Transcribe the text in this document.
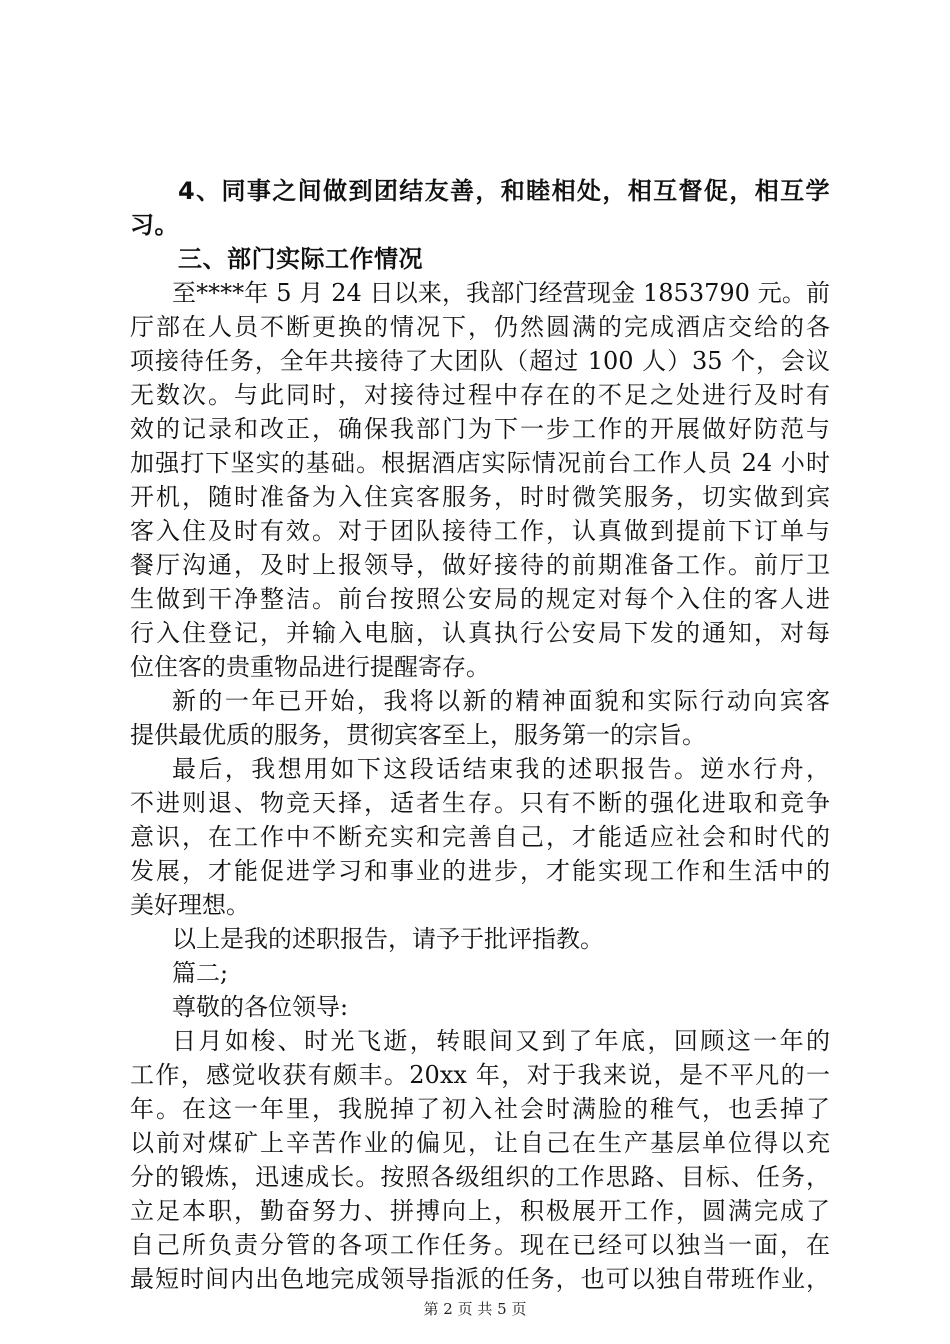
4、同事之间做到团结友善，和睦相处，相互督促，相互学
习。
三、部门实际工作情况
至****年 5 月 24 日以来，我部门经营现金 1853790 元。前
厅部在人员不断更换的情况下，仍然圆满的完成酒店交给的各
项接待任务，全年共接待了大团队（超过 100 人）35 个，会议
无数次。与此同时，对接待过程中存在的不足之处进行及时有
效的记录和改正，确保我部门为下一步工作的开展做好防范与
加强打下坚实的基础。根据酒店实际情况前台工作人员 24 小时
开机，随时准备为入住宾客服务，时时微笑服务，切实做到宾
客入住及时有效。对于团队接待工作，认真做到提前下订单与
餐厅沟通，及时上报领导，做好接待的前期准备工作。前厅卫
生做到干净整洁。前台按照公安局的规定对每个入住的客人进
行入住登记，并输入电脑，认真执行公安局下发的通知，对每
位住客的贵重物品进行提醒寄存。
新的一年已开始，我将以新的精神面貌和实际行动向宾客
提供最优质的服务，贯彻宾客至上，服务第一的宗旨。
最后，我想用如下这段话结束我的述职报告。逆水行舟，
不进则退、物竞天择，适者生存。只有不断的强化进取和竞争
意识，在工作中不断充实和完善自己，才能适应社会和时代的
发展，才能促进学习和事业的进步，才能实现工作和生活中的
美好理想。
以上是我的述职报告，请予于批评指教。
篇二;
尊敬的各位领导:
日月如梭、时光飞逝，转眼间又到了年底，回顾这一年的
工作，感觉收获有颇丰。20xx 年，对于我来说，是不平凡的一
年。在这一年里，我脱掉了初入社会时满脸的稚气，也丢掉了
以前对煤矿上辛苦作业的偏见，让自己在生产基层单位得以充
分的锻炼，迅速成长。按照各级组织的工作思路、目标、任务，
立足本职，勤奋努力、拼搏向上，积极展开工作，圆满完成了
自己所负责分管的各项工作任务。现在已经可以独当一面，在
最短时间内出色地完成领导指派的任务，也可以独自带班作业，
第 2 页 共 5 页
